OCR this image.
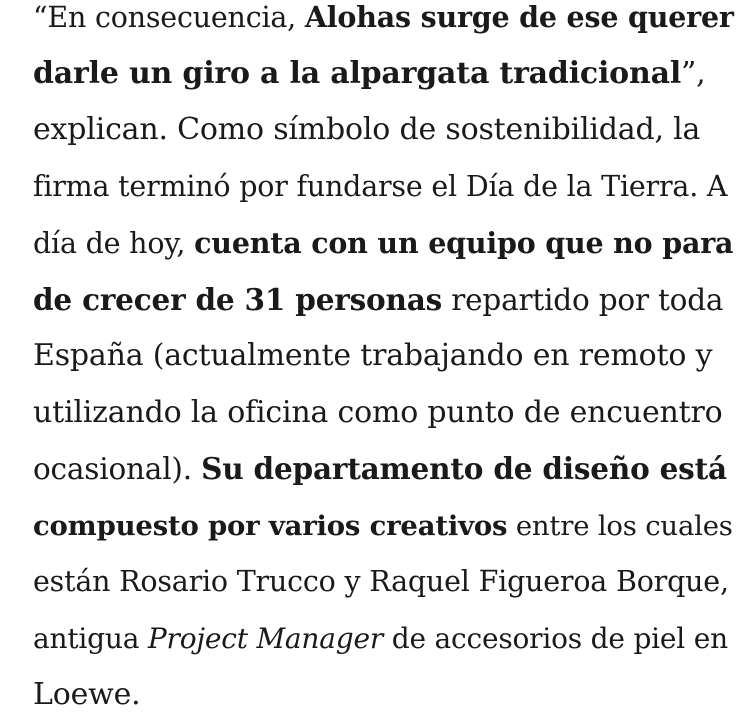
“En consecuencia, Alohas surge de ese querer
darle un giro a la alpargata tradicional”,
explican. Como símbolo de sostenibilidad, la
firma terminó por fundarse el Día de la Tierra. A
día de hoy, cuenta con un equipo que no para
de crecer de 31 personas repartido por toda
España (actualmente trabajando en remoto y
utilizando la oficina como punto de encuentro
ocasional). Su departamento de diseño está
compuesto por varios creativos entre los cuales
están Rosario Trucco y Raquel Figueroa Borque,
antigua Project Manager de accesorios de piel en
Loewe.
